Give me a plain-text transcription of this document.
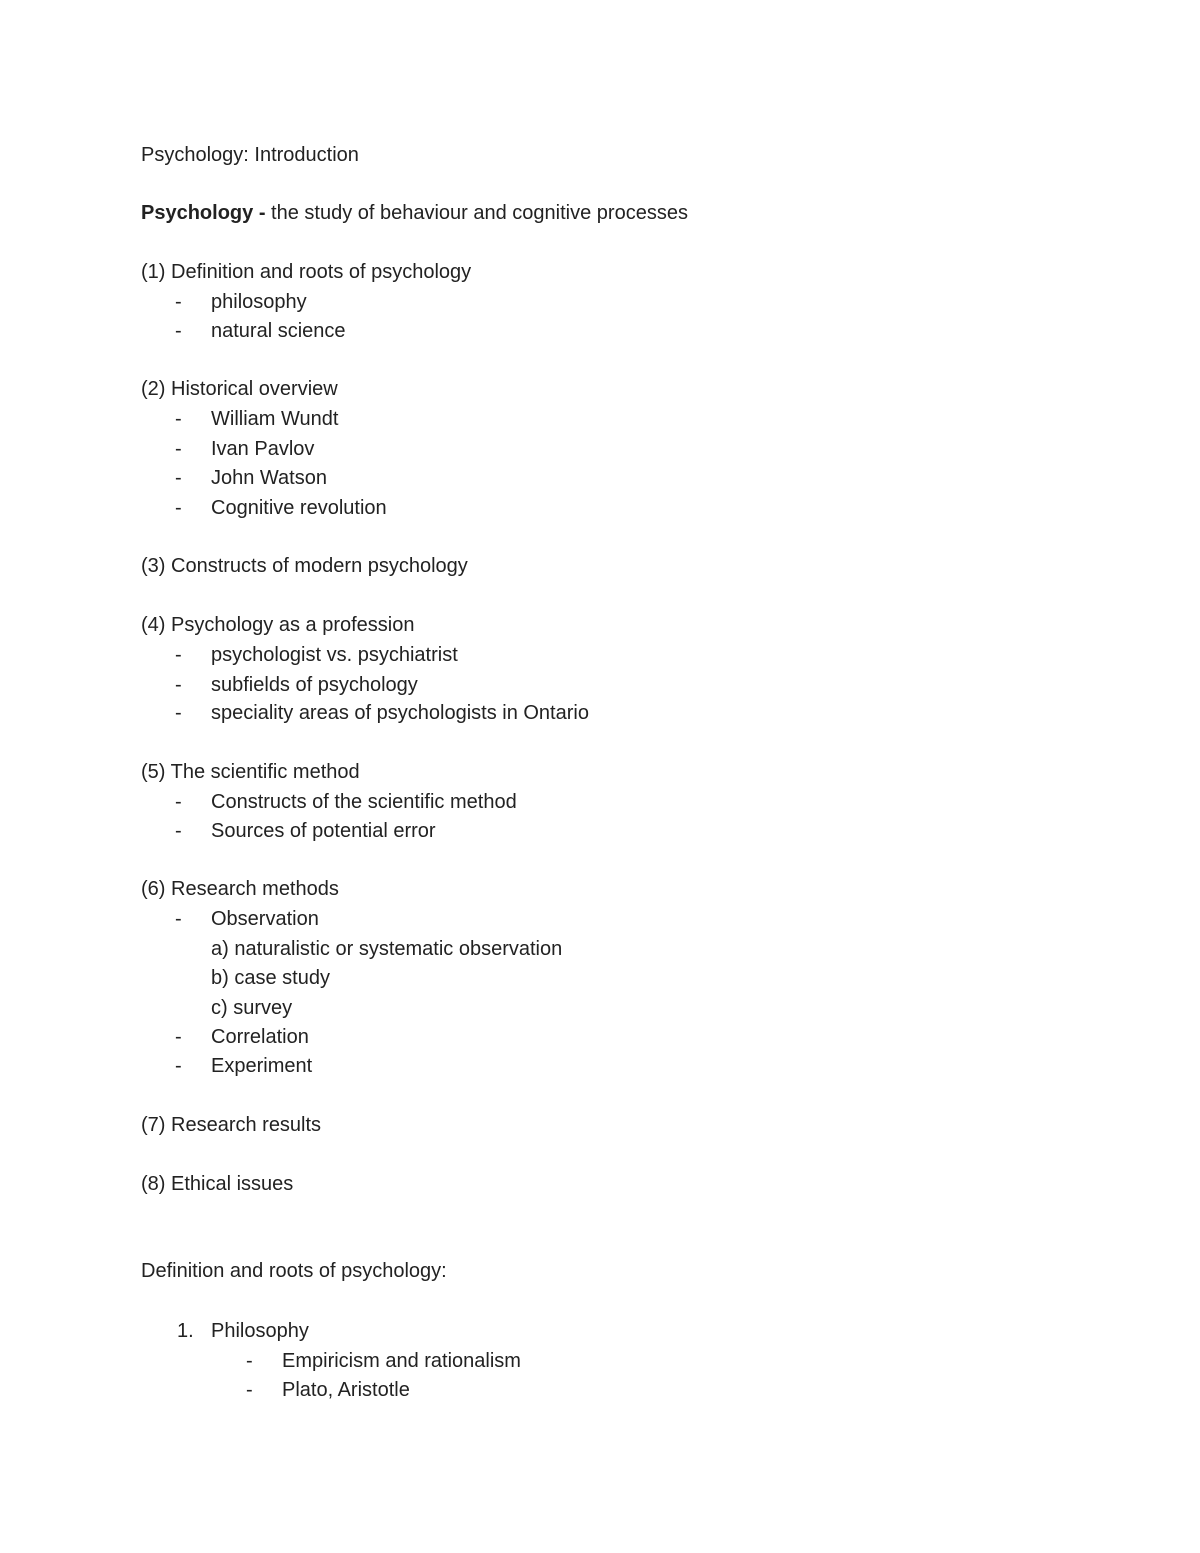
Psychology: Introduction
Psychology - the study of behaviour and cognitive processes
(1) Definition and roots of psychology
- philosophy
- natural science
(2) Historical overview
- William Wundt
- Ivan Pavlov
- John Watson
- Cognitive revolution
(3) Constructs of modern psychology
(4) Psychology as a profession
- psychologist vs. psychiatrist
- subfields of psychology
- speciality areas of psychologists in Ontario
(5) The scientific method
- Constructs of the scientific method
- Sources of potential error
(6) Research methods
- Observation
a) naturalistic or systematic observation
b) case study
c) survey
- Correlation
- Experiment
(7) Research results
(8) Ethical issues
Definition and roots of psychology:
1. Philosophy
- Empiricism and rationalism
- Plato, Aristotle
